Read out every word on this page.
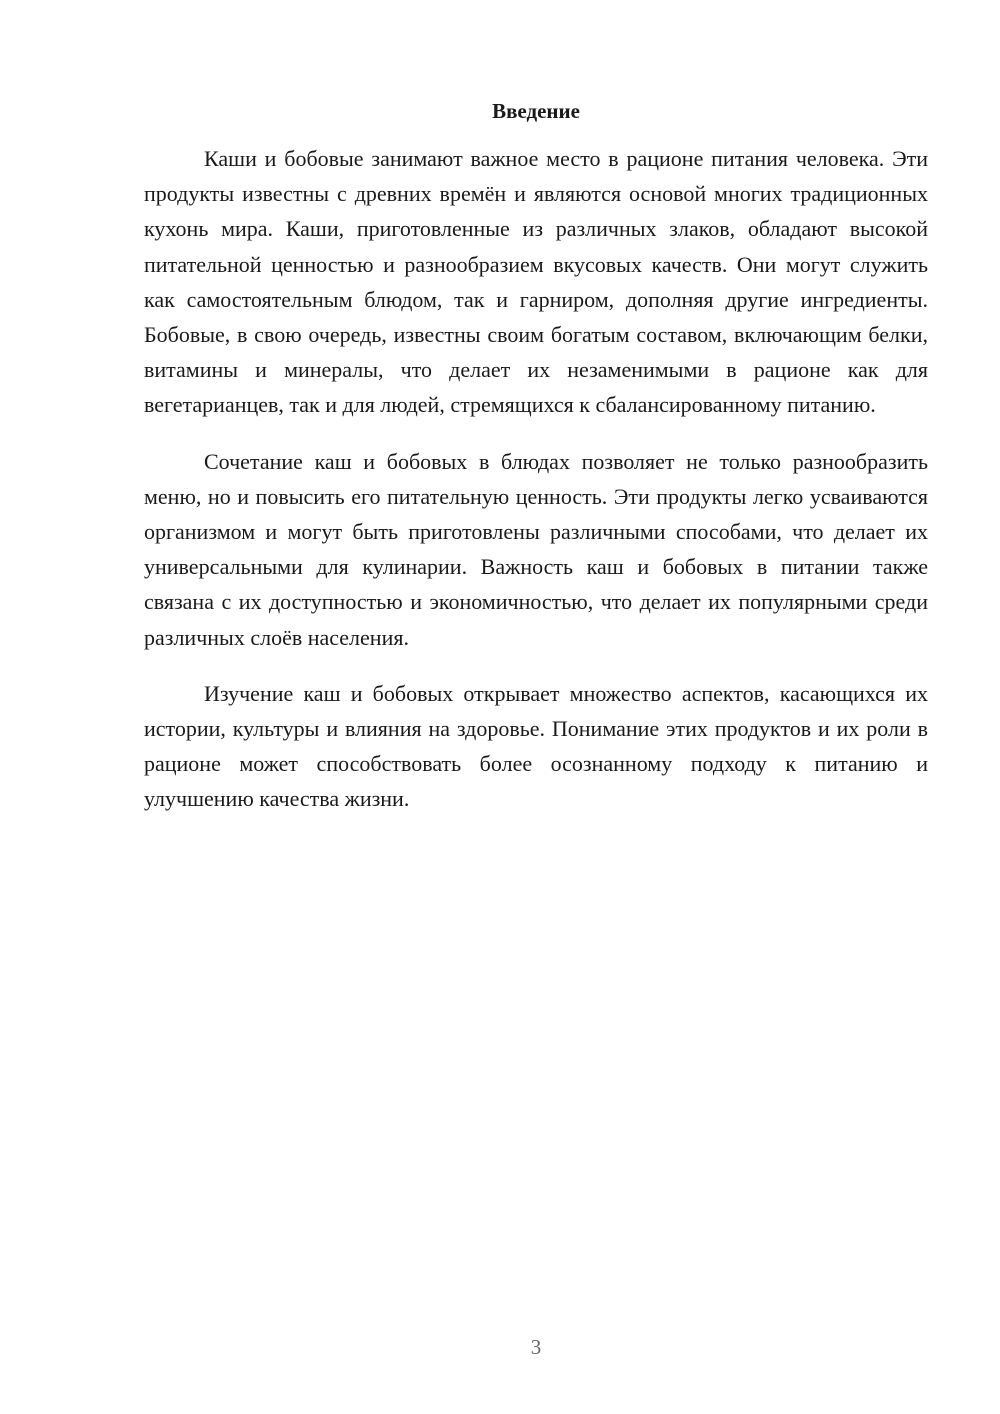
Введение

Каши и бобовые занимают важное место в рационе питания человека. Эти продукты известны с древних времён и являются основой многих традиционных кухонь мира. Каши, приготовленные из различных злаков, обладают высокой питательной ценностью и разнообразием вкусовых качеств. Они могут служить как самостоятельным блюдом, так и гарниром, дополняя другие ингредиенты. Бобовые, в свою очередь, известны своим богатым составом, включающим белки, витамины и минералы, что делает их незаменимыми в рационе как для вегетарианцев, так и для людей, стремящихся к сбалансированному питанию.

Сочетание каш и бобовых в блюдах позволяет не только разнообразить меню, но и повысить его питательную ценность. Эти продукты легко усваиваются организмом и могут быть приготовлены различными способами, что делает их универсальными для кулинарии. Важность каш и бобовых в питании также связана с их доступностью и экономичностью, что делает их популярными среди различных слоёв населения.

Изучение каш и бобовых открывает множество аспектов, касающихся их истории, культуры и влияния на здоровье. Понимание этих продуктов и их роли в рационе может способствовать более осознанному подходу к питанию и улучшению качества жизни.

3
